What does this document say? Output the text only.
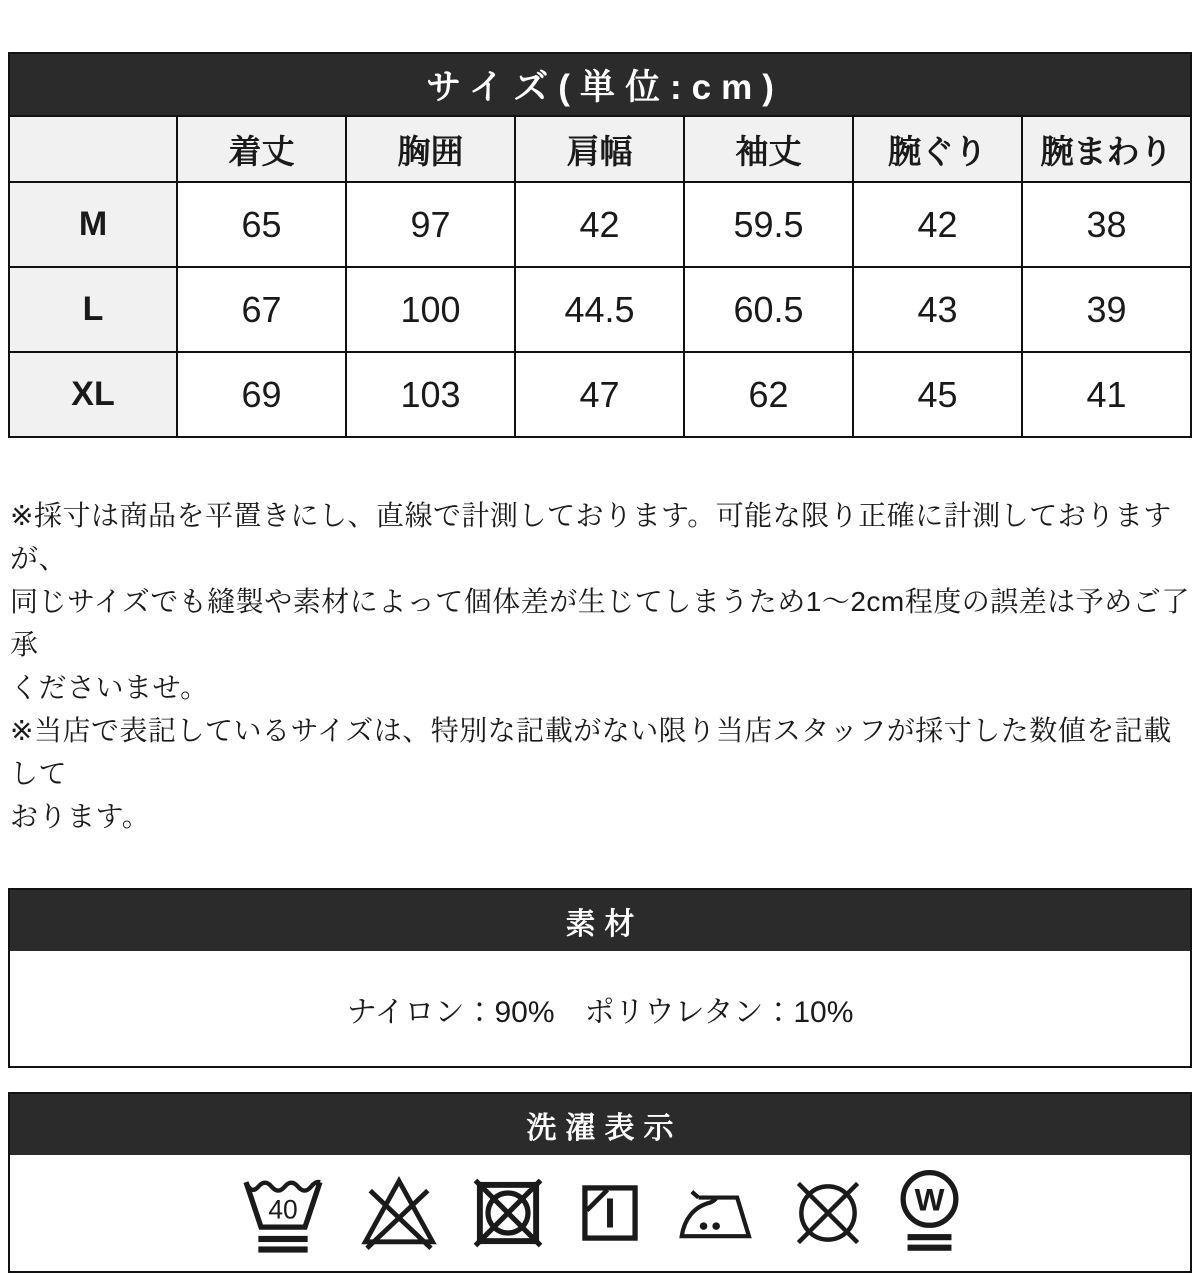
サイズ(単位:cm)
	着丈	胸囲	肩幅	袖丈	腕ぐり	腕まわり
M	65	97	42	59.5	42	38
L	67	100	44.5	60.5	43	39
XL	69	103	47	62	45	41
※採寸は商品を平置きにし、直線で計測しております。可能な限り正確に計測しておりますが、
同じサイズでも縫製や素材によって個体差が生じてしまうため1～2cm程度の誤差は予めご了承
くださいませ。
※当店で表記しているサイズは、特別な記載がない限り当店スタッフが採寸した数値を記載して
おります。
素材
ナイロン：90%　ポリウレタン：10%
洗濯表示
40	W
